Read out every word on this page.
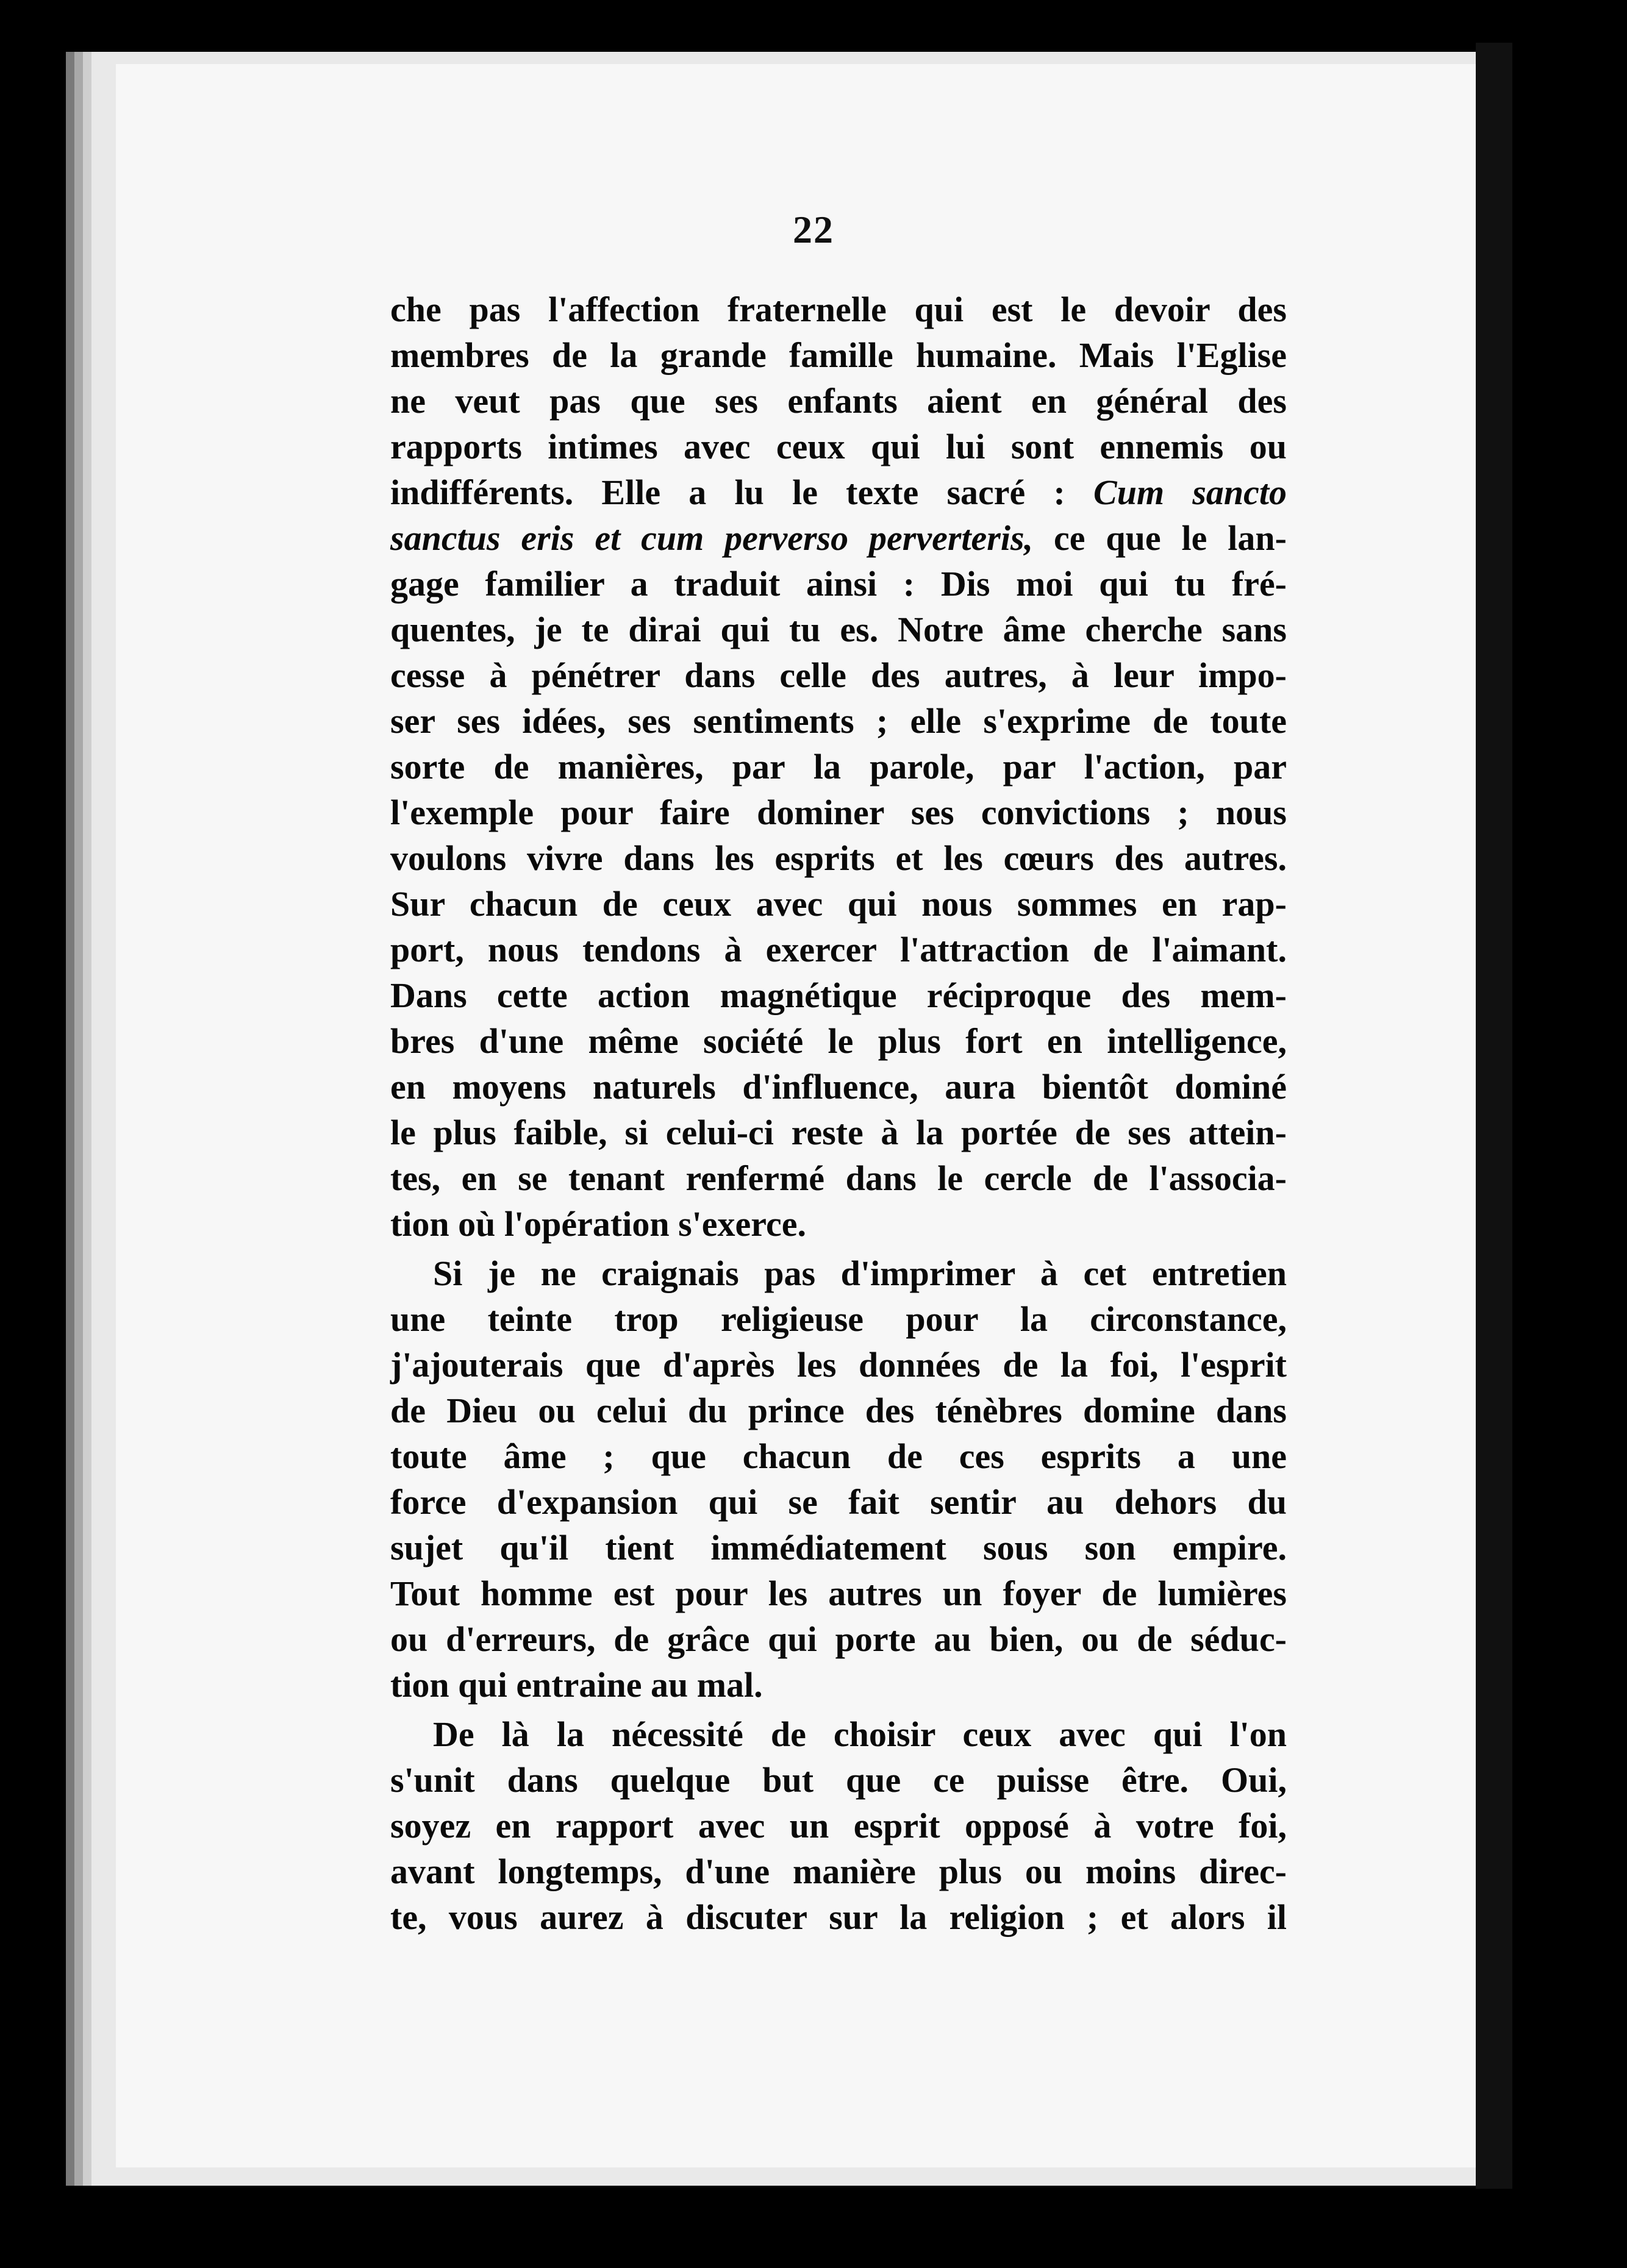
22
che pas l'affection fraternelle qui est le devoir des
membres de la grande famille humaine. Mais l'Eglise
ne veut pas que ses enfants aient en général des
rapports intimes avec ceux qui lui sont ennemis ou
indifférents. Elle a lu le texte sacré : Cum sancto
sanctus eris et cum perverso perverteris, ce que le lan-
gage familier a traduit ainsi : Dis moi qui tu fré-
quentes, je te dirai qui tu es. Notre âme cherche sans
cesse à pénétrer dans celle des autres, à leur impo-
ser ses idées, ses sentiments ; elle s'exprime de toute
sorte de manières, par la parole, par l'action, par
l'exemple pour faire dominer ses convictions ; nous
voulons vivre dans les esprits et les cœurs des autres.
Sur chacun de ceux avec qui nous sommes en rap-
port, nous tendons à exercer l'attraction de l'aimant.
Dans cette action magnétique réciproque des mem-
bres d'une même société le plus fort en intelligence,
en moyens naturels d'influence, aura bientôt dominé
le plus faible, si celui-ci reste à la portée de ses attein-
tes, en se tenant renfermé dans le cercle de l'associa-
tion où l'opération s'exerce.
Si je ne craignais pas d'imprimer à cet entretien
une teinte trop religieuse pour la circonstance,
j'ajouterais que d'après les données de la foi, l'esprit
de Dieu ou celui du prince des ténèbres domine dans
toute âme ; que chacun de ces esprits a une
force d'expansion qui se fait sentir au dehors du
sujet qu'il tient immédiatement sous son empire.
Tout homme est pour les autres un foyer de lumières
ou d'erreurs, de grâce qui porte au bien, ou de séduc-
tion qui entraine au mal.
De là la nécessité de choisir ceux avec qui l'on
s'unit dans quelque but que ce puisse être. Oui,
soyez en rapport avec un esprit opposé à votre foi,
avant longtemps, d'une manière plus ou moins direc-
te, vous aurez à discuter sur la religion ; et alors il
